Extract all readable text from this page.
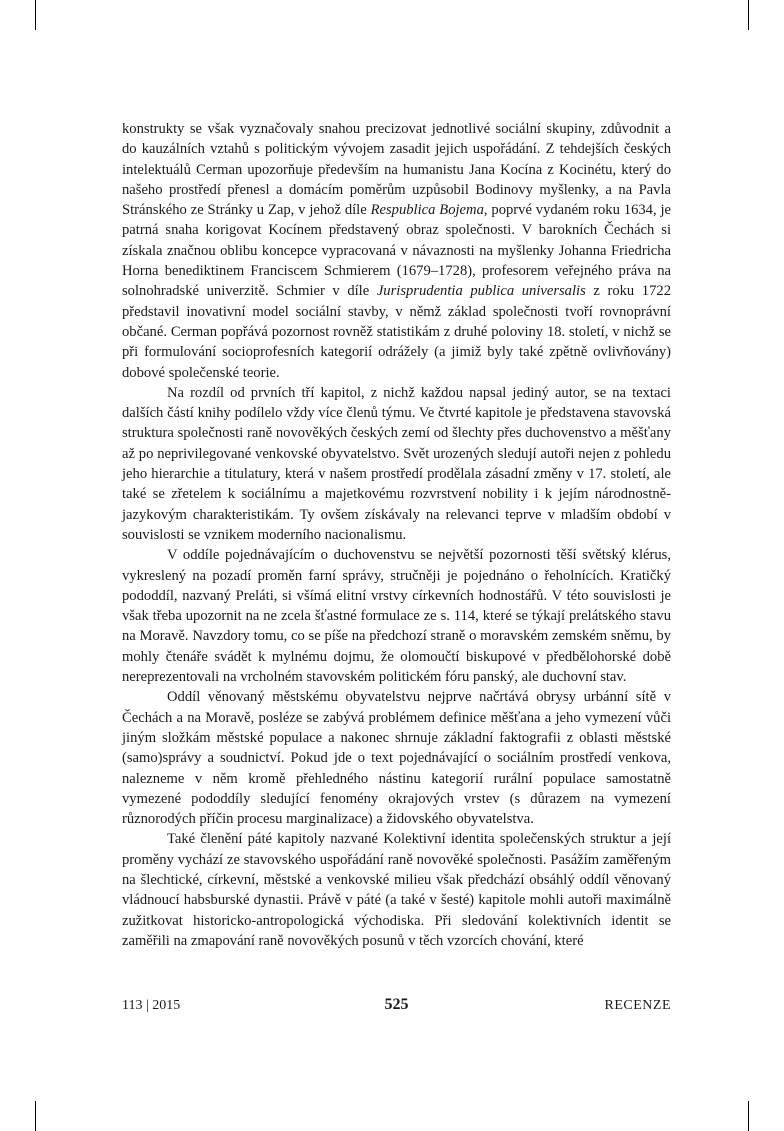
konstrukty se však vyznačovaly snahou precizovat jednotlivé sociální skupiny, zdůvodnit a do kauzálních vztahů s politickým vývojem zasadit jejich uspořádání. Z tehdejších českých intelektuálů Cerman upozorňuje především na humanistu Jana Kocína z Kocinétu, který do našeho prostředí přenesl a domácím poměrům uzpůsobil Bodinovy myšlenky, a na Pavla Stránského ze Stránky u Zap, v jehož díle Respublica Bojema, poprvé vydaném roku 1634, je patrná snaha korigovat Kocínem představený obraz společnosti. V barokních Čechách si získala značnou oblibu koncepce vypracovaná v návaznosti na myšlenky Johanna Friedricha Horna benediktinem Franciscem Schmierem (1679–1728), profesorem veřejného práva na solnohradské univerzitě. Schmier v díle Jurisprudentia publica universalis z roku 1722 představil inovativní model sociální stavby, v němž základ společnosti tvoří rovnoprávní občané. Cerman popřává pozornost rovněž statistikám z druhé poloviny 18. století, v nichž se při formulování socioprofesních kategorií odrážely (a jimiž byly také zpětně ovlivňovány) dobové společenské teorie.

Na rozdíl od prvních tří kapitol, z nichž každou napsal jediný autor, se na textaci dalších částí knihy podílelo vždy více členů týmu. Ve čtvrté kapitole je představena stavovská struktura společnosti raně novověkých českých zemí od šlechty přes duchovenstvo a měšťany až po neprivilegované venkovské obyvatelstvo. Svět urozených sledují autoři nejen z pohledu jeho hierarchie a titulatury, která v našem prostředí prodělala zásadní změny v 17. století, ale také se zřetelem k sociálnímu a majetkovému rozvrstvení nobility i k jejím národnostně-jazykovým charakteristikám. Ty ovšem získávaly na relevanci teprve v mladším období v souvislosti se vznikem moderního nacionalismu.

V oddíle pojednávajícím o duchovenstvu se největší pozornosti těší světský klérus, vykreslený na pozadí proměn farní správy, stručněji je pojednáno o řeholnících. Kratičký pododdíl, nazvaný Preláti, si všímá elitní vrstvy církevních hodnostářů. V této souvislosti je však třeba upozornit na ne zcela šťastné formulace ze s. 114, které se týkají prelátského stavu na Moravě. Navzdory tomu, co se píše na předchozí straně o moravském zemském sněmu, by mohly čtenáře svádět k mylnému dojmu, že olomoučtí biskupové v předbělohorské době nereprezentovali na vrcholném stavovském politickém fóru panský, ale duchovní stav.

Oddíl věnovaný městskému obyvatelstvu nejprve načrtává obrysy urbánní sítě v Čechách a na Moravě, posléze se zabývá problémem definice měšťana a jeho vymezení vůči jiným složkám městské populace a nakonec shrnuje základní faktografii z oblasti městské (samo)správy a soudnictví. Pokud jde o text pojednávající o sociálním prostředí venkova, nalezneme v něm kromě přehledného nástinu kategorií rurální populace samostatně vymezené pododdíly sledující fenomény okrajových vrstev (s důrazem na vymezení různorodých příčin procesu marginalizace) a židovského obyvatelstva.

Také členění páté kapitoly nazvané Kolektivní identita společenských struktur a její proměny vychází ze stavovského uspořádání raně novověké společnosti. Pasážím zaměřeným na šlechtické, církevní, městské a venkovské milieu však předchází obsáhlý oddíl věnovaný vládnoucí habsburské dynastii. Právě v páté (a také v šesté) kapitole mohli autoři maximálně zužitkovat historicko-antropologická východiska. Při sledování kolektivních identit se zaměřili na zmapování raně novověkých posunů v těch vzorcích chování, které

113 | 2015	525	RECENZE
